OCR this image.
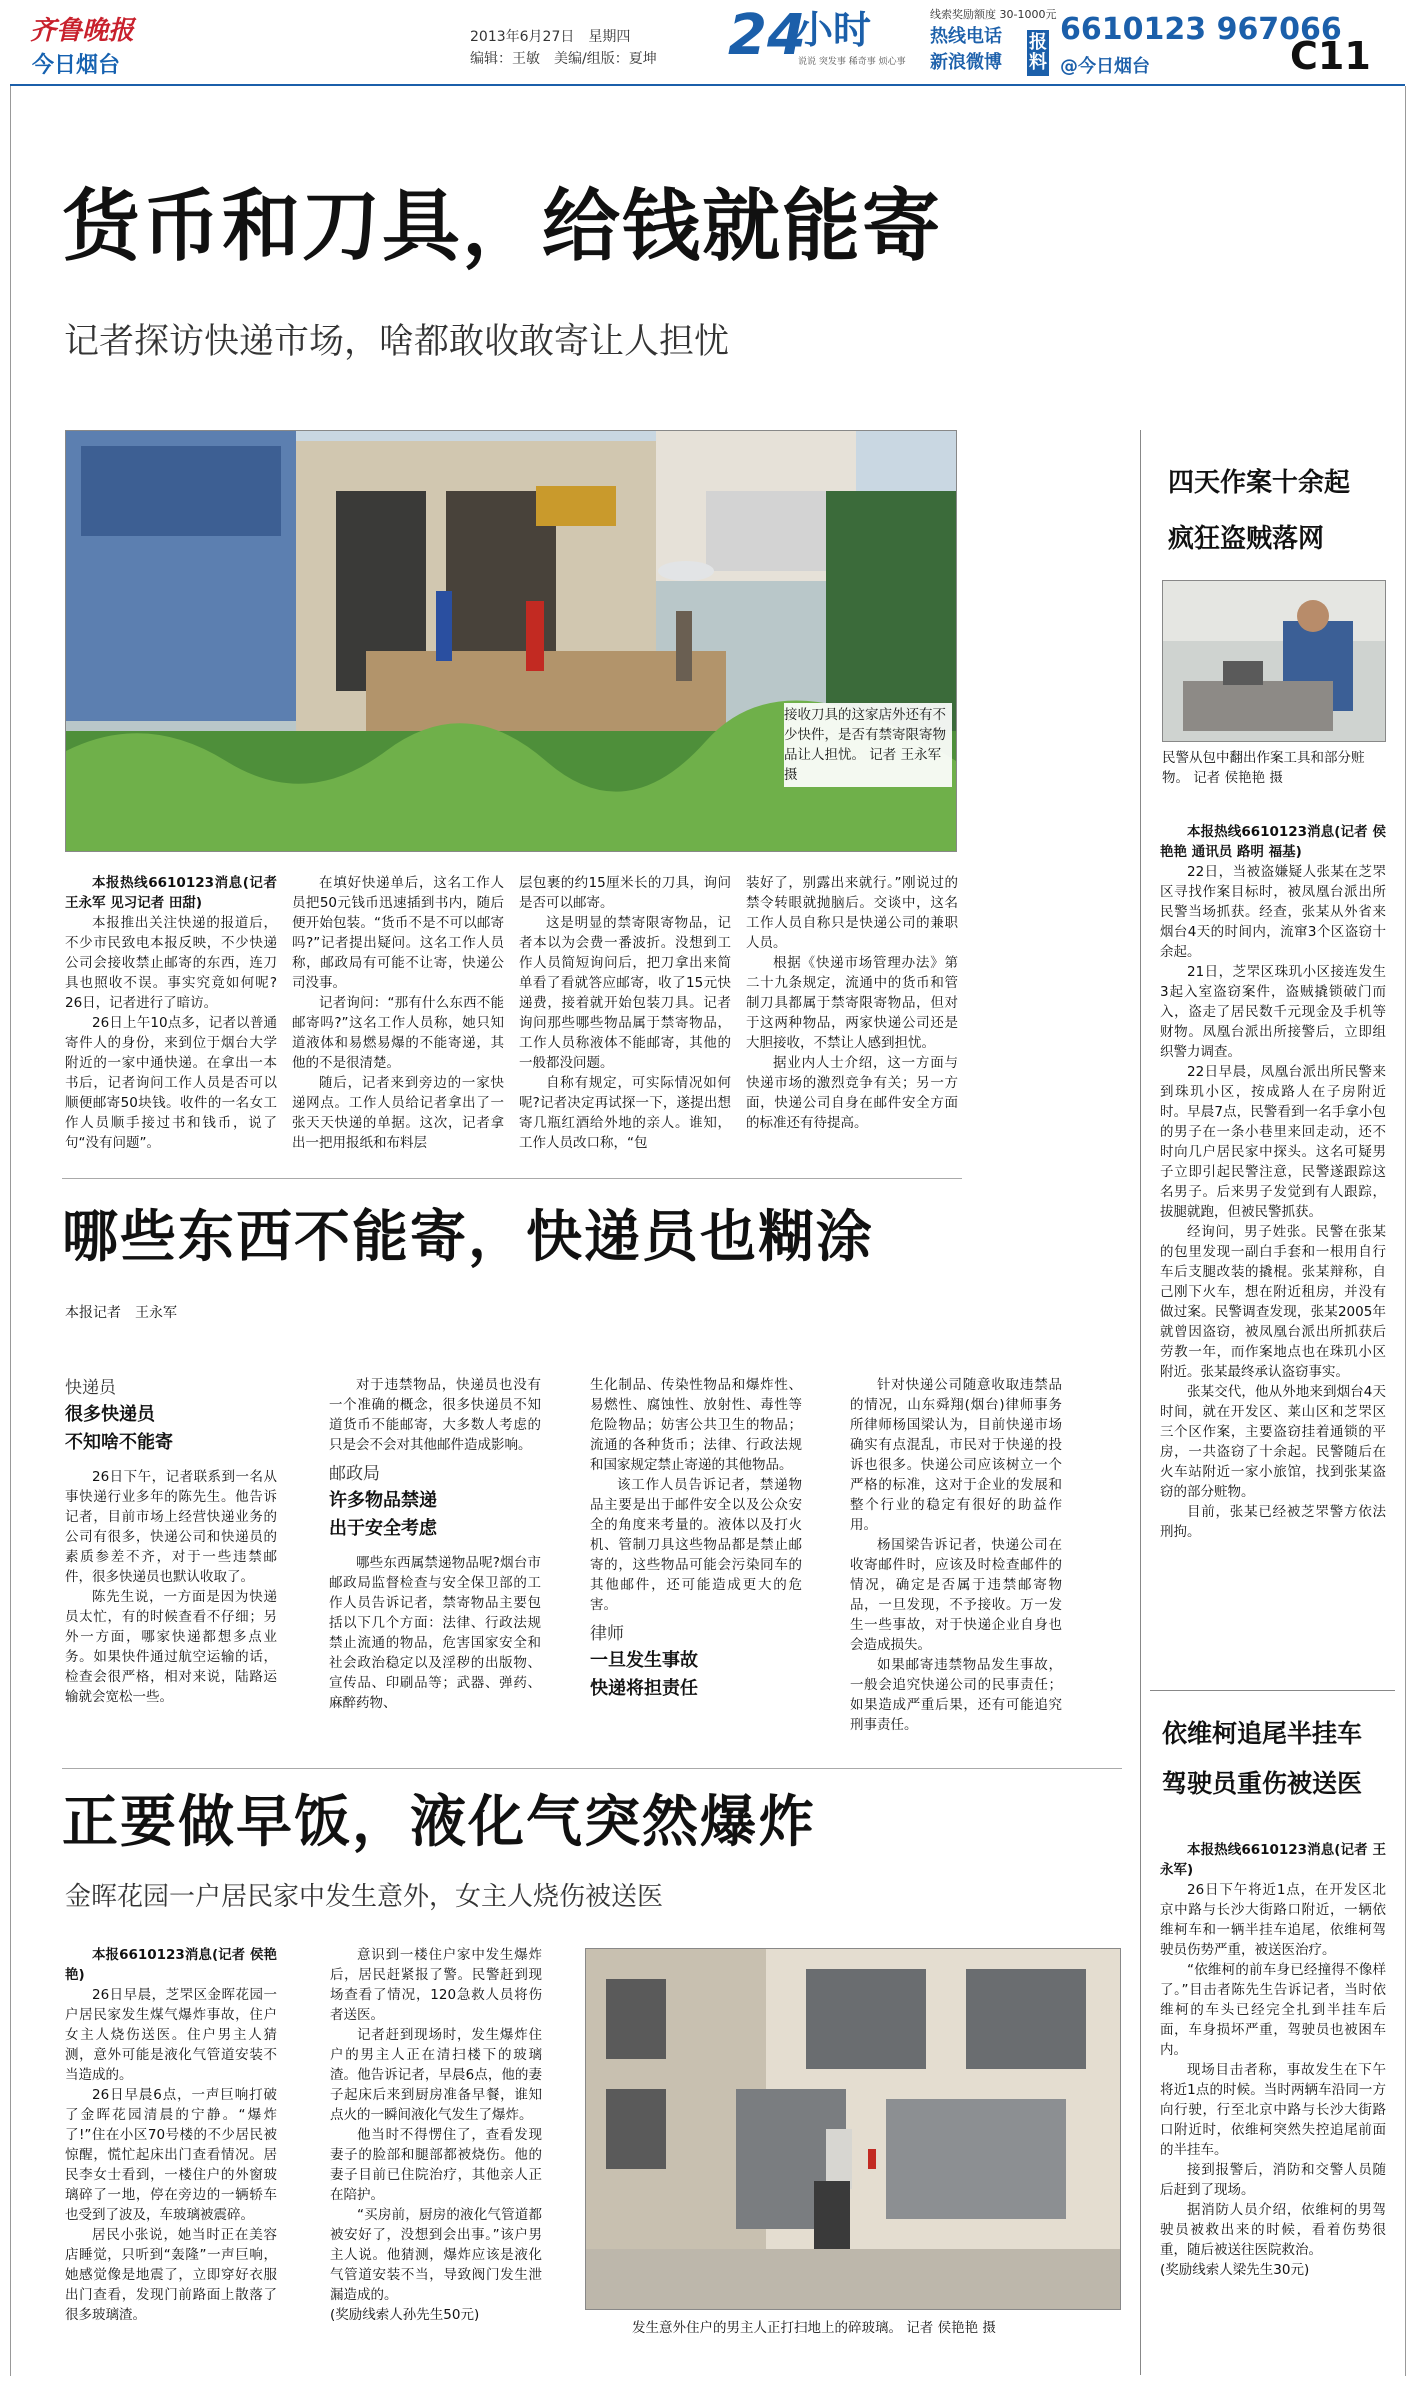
齐鲁晚报
今日烟台
2013年6月27日　星期四
编辑：王敏　美编/组版：夏坤 24
小时
说说 突发事 稀奇事 烦心事
线索奖励额度 30-1000元
热线电话
新浪微博
报料
6610123 967066
@今日烟台	C11
货币和刀具，给钱就能寄
记者探访快递市场，啥都敢收敢寄让人担忧
接收刀具的这家店外还有不少快件，是否有禁寄限寄物品让人担忧。 记者 王永军 摄

本报热线6610123消息(记者 王永军 见习记者 田甜)

本报推出关注快递的报道后，不少市民致电本报反映，不少快递公司会接收禁止邮寄的东西，连刀具也照收不误。事实究竟如何呢?26日，记者进行了暗访。

26日上午10点多，记者以普通寄件人的身份，来到位于烟台大学附近的一家中通快递。在拿出一本书后，记者询问工作人员是否可以顺便邮寄50块钱。收件的一名女工作人员顺手接过书和钱币，说了句“没有问题”。

在填好快递单后，这名工作人员把50元钱币迅速插到书内，随后便开始包装。“货币不是不可以邮寄吗?”记者提出疑问。这名工作人员称，邮政局有可能不让寄，快递公司没事。

记者询问：“那有什么东西不能邮寄吗?”这名工作人员称，她只知道液体和易燃易爆的不能寄递，其他的不是很清楚。

随后，记者来到旁边的一家快递网点。工作人员给记者拿出了一张天天快递的单据。这次，记者拿出一把用报纸和布料层

层包裹的约15厘米长的刀具，询问是否可以邮寄。

这是明显的禁寄限寄物品，记者本以为会费一番波折。没想到工作人员简短询问后，把刀拿出来简单看了看就答应邮寄，收了15元快递费，接着就开始包装刀具。记者询问那些哪些物品属于禁寄物品，工作人员称液体不能邮寄，其他的一般都没问题。

自称有规定，可实际情况如何呢?记者决定再试探一下，遂提出想寄几瓶红酒给外地的亲人。谁知，工作人员改口称，“包

装好了，别露出来就行。”刚说过的禁令转眼就抛脑后。交谈中，这名工作人员自称只是快递公司的兼职人员。

根据《快递市场管理办法》第二十九条规定，流通中的货币和管制刀具都属于禁寄限寄物品，但对于这两种物品，两家快递公司还是大胆接收，不禁让人感到担忧。

据业内人士介绍，这一方面与快递市场的激烈竞争有关；另一方面，快递公司自身在邮件安全方面的标准还有待提高。

哪些东西不能寄，快递员也糊涂
本报记者　王永军
快递员
很多快递员
不知啥不能寄

26日下午，记者联系到一名从事快递行业多年的陈先生。他告诉记者，目前市场上经营快递业务的公司有很多，快递公司和快递员的素质参差不齐，对于一些违禁邮件，很多快递员也默认收取了。

陈先生说，一方面是因为快递员太忙，有的时候查看不仔细；另外一方面，哪家快递都想多点业务。如果快件通过航空运输的话，检查会很严格，相对来说，陆路运输就会宽松一些。

对于违禁物品，快递员也没有一个准确的概念，很多快递员不知道货币不能邮寄，大多数人考虑的只是会不会对其他邮件造成影响。

邮政局
许多物品禁递
出于安全考虑

哪些东西属禁递物品呢?烟台市邮政局监督检查与安全保卫部的工作人员告诉记者，禁寄物品主要包括以下几个方面：法律、行政法规禁止流通的物品，危害国家安全和社会政治稳定以及淫秽的出版物、宣传品、印刷品等；武器、弹药、麻醉药物、

生化制品、传染性物品和爆炸性、易燃性、腐蚀性、放射性、毒性等危险物品；妨害公共卫生的物品；流通的各种货币；法律、行政法规和国家规定禁止寄递的其他物品。

该工作人员告诉记者，禁递物品主要是出于邮件安全以及公众安全的角度来考量的。液体以及打火机、管制刀具这些物品都是禁止邮寄的，这些物品可能会污染同车的其他邮件，还可能造成更大的危害。

律师
一旦发生事故
快递将担责任

针对快递公司随意收取违禁品的情况，山东舜翔(烟台)律师事务所律师杨国梁认为，目前快递市场确实有点混乱，市民对于快递的投诉也很多。快递公司应该树立一个严格的标准，这对于企业的发展和整个行业的稳定有很好的助益作用。

杨国梁告诉记者，快递公司在收寄邮件时，应该及时检查邮件的情况，确定是否属于违禁邮寄物品，一旦发现，不予接收。万一发生一些事故，对于快递企业自身也会造成损失。

如果邮寄违禁物品发生事故，一般会追究快递公司的民事责任；如果造成严重后果，还有可能追究刑事责任。

正要做早饭，液化气突然爆炸
金晖花园一户居民家中发生意外，女主人烧伤被送医

本报6610123消息(记者 侯艳艳)

26日早晨，芝罘区金晖花园一户居民家发生煤气爆炸事故，住户女主人烧伤送医。住户男主人猜测，意外可能是液化气管道安装不当造成的。

26日早晨6点，一声巨响打破了金晖花园清晨的宁静。“爆炸了!”住在小区70号楼的不少居民被惊醒，慌忙起床出门查看情况。居民李女士看到，一楼住户的外窗玻璃碎了一地，停在旁边的一辆轿车也受到了波及，车玻璃被震碎。

居民小张说，她当时正在美容店睡觉，只听到“轰隆”一声巨响，她感觉像是地震了，立即穿好衣服出门查看，发现门前路面上散落了很多玻璃渣。

意识到一楼住户家中发生爆炸后，居民赶紧报了警。民警赶到现场查看了情况，120急救人员将伤者送医。

记者赶到现场时，发生爆炸住户的男主人正在清扫楼下的玻璃渣。他告诉记者，早晨6点，他的妻子起床后来到厨房准备早餐，谁知点火的一瞬间液化气发生了爆炸。

他当时不得愣住了，查看发现妻子的脸部和腿部都被烧伤。他的妻子目前已住院治疗，其他亲人正在陪护。

“买房前，厨房的液化气管道都被安好了，没想到会出事。”该户男主人说。他猜测，爆炸应该是液化气管道安装不当，导致阀门发生泄漏造成的。

(奖励线索人孙先生50元)

发生意外住户的男主人正打扫地上的碎玻璃。 记者 侯艳艳 摄
四天作案十余起
疯狂盗贼落网
民警从包中翻出作案工具和部分赃物。 记者 侯艳艳 摄

本报热线6610123消息(记者 侯艳艳 通讯员 路明 福基)

22日，当被盗嫌疑人张某在芝罘区寻找作案目标时，被凤凰台派出所民警当场抓获。经查，张某从外省来烟台4天的时间内，流窜3个区盗窃十余起。

21日，芝罘区珠玑小区接连发生3起入室盗窃案件，盗贼撬锁破门而入，盗走了居民数千元现金及手机等财物。凤凰台派出所接警后，立即组织警力调查。

22日早晨，凤凰台派出所民警来到珠玑小区，按成路人在子房附近时。早晨7点，民警看到一名手拿小包的男子在一条小巷里来回走动，还不时向几户居民家中探头。这名可疑男子立即引起民警注意，民警遂跟踪这名男子。后来男子发觉到有人跟踪，拔腿就跑，但被民警抓获。

经询问，男子姓张。民警在张某的包里发现一副白手套和一根用自行车后支腿改装的撬棍。张某辩称，自己刚下火车，想在附近租房，并没有做过案。民警调查发现，张某2005年就曾因盗窃，被凤凰台派出所抓获后劳教一年，而作案地点也在珠玑小区附近。张某最终承认盗窃事实。

张某交代，他从外地来到烟台4天时间，就在开发区、莱山区和芝罘区三个区作案，主要盗窃挂着通锁的平房，一共盗窃了十余起。民警随后在火车站附近一家小旅馆，找到张某盗窃的部分赃物。

目前，张某已经被芝罘警方依法刑拘。

依维柯追尾半挂车
驾驶员重伤被送医

本报热线6610123消息(记者 王永军)

26日下午将近1点，在开发区北京中路与长沙大街路口附近，一辆依维柯车和一辆半挂车追尾，依维柯驾驶员伤势严重，被送医治疗。

“依维柯的前车身已经撞得不像样了。”目击者陈先生告诉记者，当时依维柯的车头已经完全扎到半挂车后面，车身损坏严重，驾驶员也被困车内。

现场目击者称，事故发生在下午将近1点的时候。当时两辆车沿同一方向行驶，行至北京中路与长沙大街路口附近时，依维柯突然失控追尾前面的半挂车。

接到报警后，消防和交警人员随后赶到了现场。

据消防人员介绍，依维柯的男驾驶员被救出来的时候，看着伤势很重，随后被送往医院救治。

(奖励线索人梁先生30元)
